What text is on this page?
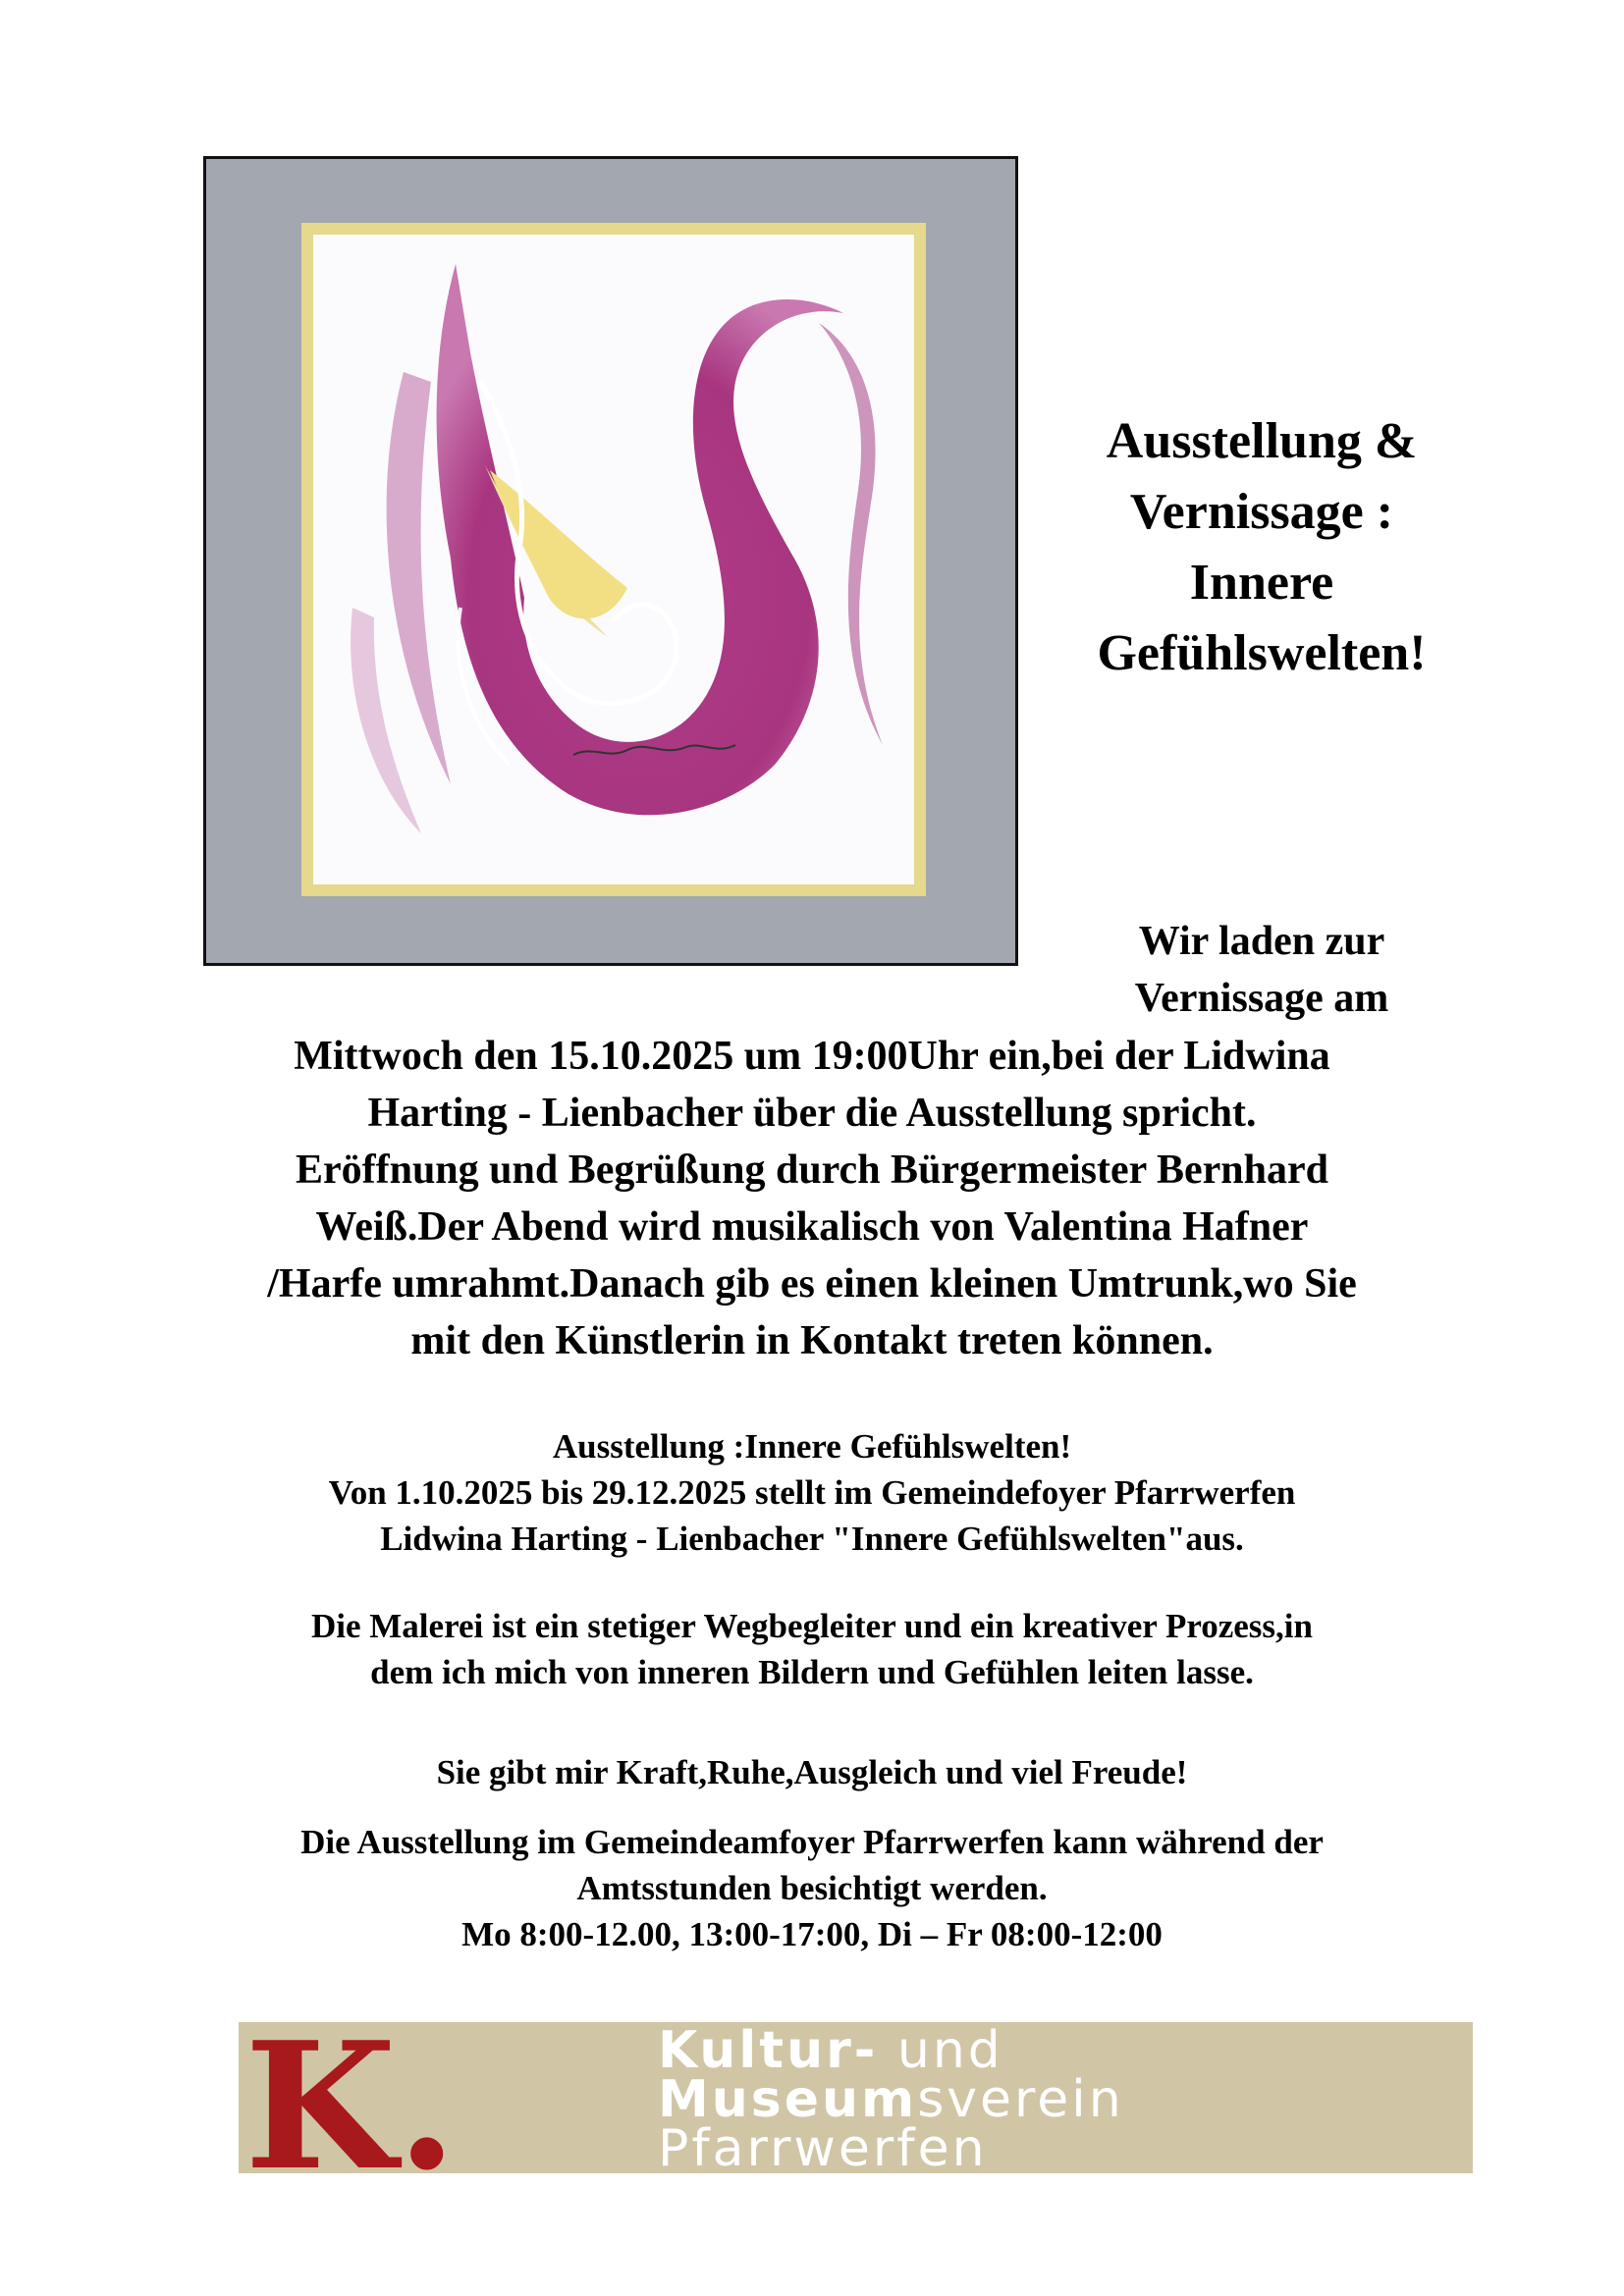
Ausstellung &
Vernissage :
Innere
Gefühlswelten!
Wir laden zur
Vernissage am
Mittwoch den 15.10.2025 um 19:00Uhr ein,bei der Lidwina
Harting - Lienbacher über die Ausstellung spricht.
Eröffnung und Begrüßung durch Bürgermeister Bernhard
Weiß.Der Abend wird musikalisch von Valentina Hafner
/Harfe umrahmt.Danach gib es einen kleinen Umtrunk,wo Sie
mit den Künstlerin in Kontakt treten können.
Ausstellung :Innere Gefühlswelten!
Von 1.10.2025 bis 29.12.2025 stellt im Gemeindefoyer Pfarrwerfen
Lidwina Harting - Lienbacher "Innere Gefühlswelten"aus.
Die Malerei ist ein stetiger Wegbegleiter und ein kreativer Prozess,in
dem ich mich von inneren Bildern und Gefühlen leiten lasse.
Sie gibt mir Kraft,Ruhe,Ausgleich und viel Freude!
Die Ausstellung im Gemeindeamfoyer Pfarrwerfen kann während der
Amtsstunden besichtigt werden.
Mo 8:00-12.00, 13:00-17:00, Di – Fr 08:00-12:00
K.	Kultur- und
Museumsverein
Pfarrwerfen
